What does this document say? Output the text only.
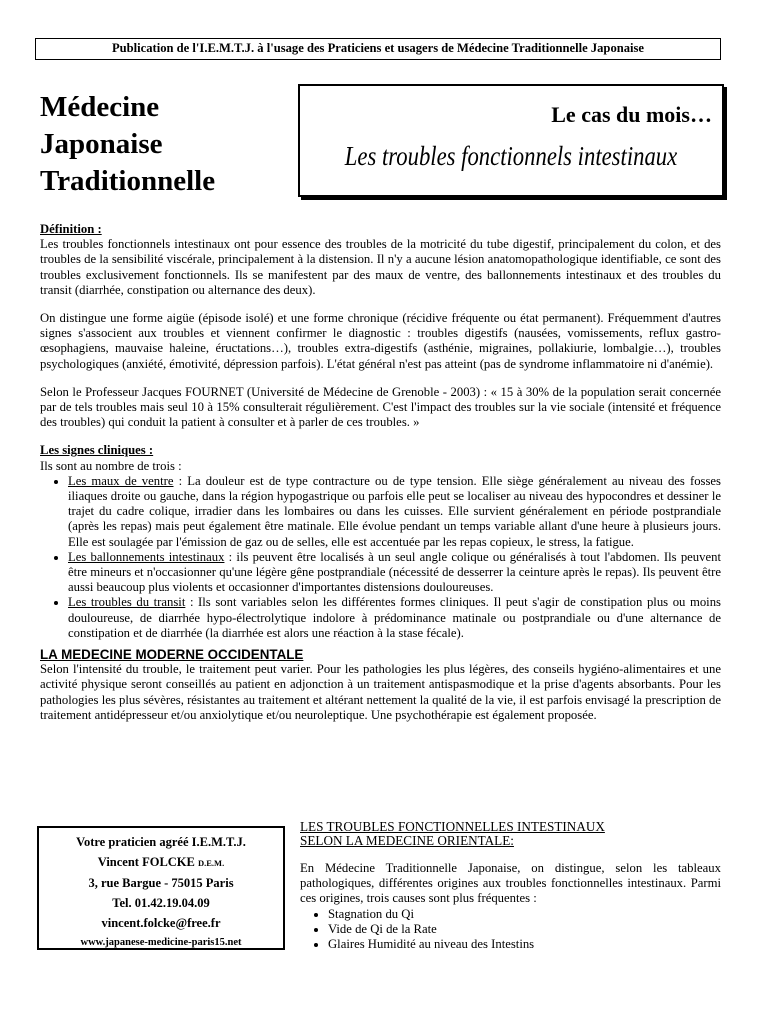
Publication de l'I.E.M.T.J. à l'usage des Praticiens et usagers de Médecine Traditionnelle Japonaise
Médecine
Japonaise
Traditionnelle
Le cas du mois…
Les troubles fonctionnels intestinaux
Définition :

Les troubles fonctionnels intestinaux ont pour essence des troubles de la motricité du tube digestif, principalement du colon, et des troubles de la sensibilité viscérale, principalement à la distension. Il n'y a aucune lésion anatomopathologique identifiable, ce sont des troubles exclusivement fonctionnels. Ils se manifestent par des maux de ventre, des ballonnements intestinaux et des troubles du transit (diarrhée, constipation ou alternance des deux).

On distingue une forme aigüe (épisode isolé) et une forme chronique (récidive fréquente ou état permanent). Fréquemment d'autres signes s'associent aux troubles et viennent confirmer le diagnostic : troubles digestifs (nausées, vomissements, reflux gastro-œsophagiens, mauvaise haleine, éructations…), troubles extra-digestifs (asthénie, migraines, pollakiurie, lombalgie…), troubles psychologiques (anxiété, émotivité, dépression parfois). L'état général n'est pas atteint (pas de syndrome inflammatoire ni d'anémie).

Selon le Professeur Jacques FOURNET (Université de Médecine de Grenoble - 2003) : « 15 à 30% de la population serait concernée par de tels troubles mais seul 10 à 15% consulterait régulièrement. C'est l'impact des troubles sur la vie sociale (intensité et fréquence des troubles) qui conduit la patient à consulter et à parler de ces troubles. »

Les signes cliniques :
Ils sont au nombre de trois :
• Les maux de ventre : La douleur est de type contracture ou de type tension. Elle siège généralement au niveau des fosses iliaques droite ou gauche, dans la région hypogastrique ou parfois elle peut se localiser au niveau des hypocondres et dessiner le trajet du cadre colique, irradier dans les lombaires ou dans les cuisses. Elle survient généralement en période postprandiale (après les repas) mais peut également être matinale. Elle évolue pendant un temps variable allant d'une heure à plusieurs jours. Elle est soulagée par l'émission de gaz ou de selles, elle est accentuée par les repas copieux, le stress, la fatigue.
• Les ballonnements intestinaux : ils peuvent être localisés à un seul angle colique ou généralisés à tout l'abdomen. Ils peuvent être mineurs et n'occasionner qu'une légère gêne postprandiale (nécessité de desserrer la ceinture après le repas). Ils peuvent être aussi beaucoup plus violents et occasionner d'importantes distensions douloureuses.
• Les troubles du transit : Ils sont variables selon les différentes formes cliniques. Il peut s'agir de constipation plus ou moins douloureuse, de diarrhée hypo-électrolytique indolore à prédominance matinale ou postprandiale ou d'une alternance de constipation et de diarrhée (la diarrhée est alors une réaction à la stase fécale).
LA MEDECINE MODERNE OCCIDENTALE

Selon l'intensité du trouble, le traitement peut varier. Pour les pathologies les plus légères, des conseils hygiéno-alimentaires et une activité physique seront conseillés au patient en adjonction à un traitement antispasmodique et la prise d'agents absorbants. Pour les pathologies les plus sévères, résistantes au traitement et altérant nettement la qualité de la vie, il est parfois envisagé la prescription de traitement antidépresseur et/ou anxiolytique et/ou neuroleptique. Une psychothérapie est également proposée.

Votre praticien agréé I.E.M.T.J.
Vincent FOLCKE D.E.M.
3, rue Bargue - 75015 Paris
Tel. 01.42.19.04.09
vincent.folcke@free.fr
www.japanese-medicine-paris15.net
LES TROUBLES FONCTIONNELLES INTESTINAUX
SELON LA MEDECINE ORIENTALE:

En Médecine Traditionnelle Japonaise, on distingue, selon les tableaux pathologiques, différentes origines aux troubles fonctionnelles intestinaux. Parmi ces origines, trois causes sont plus fréquentes :

• Stagnation du Qi
• Vide de Qi de la Rate
• Glaires Humidité au niveau des Intestins
